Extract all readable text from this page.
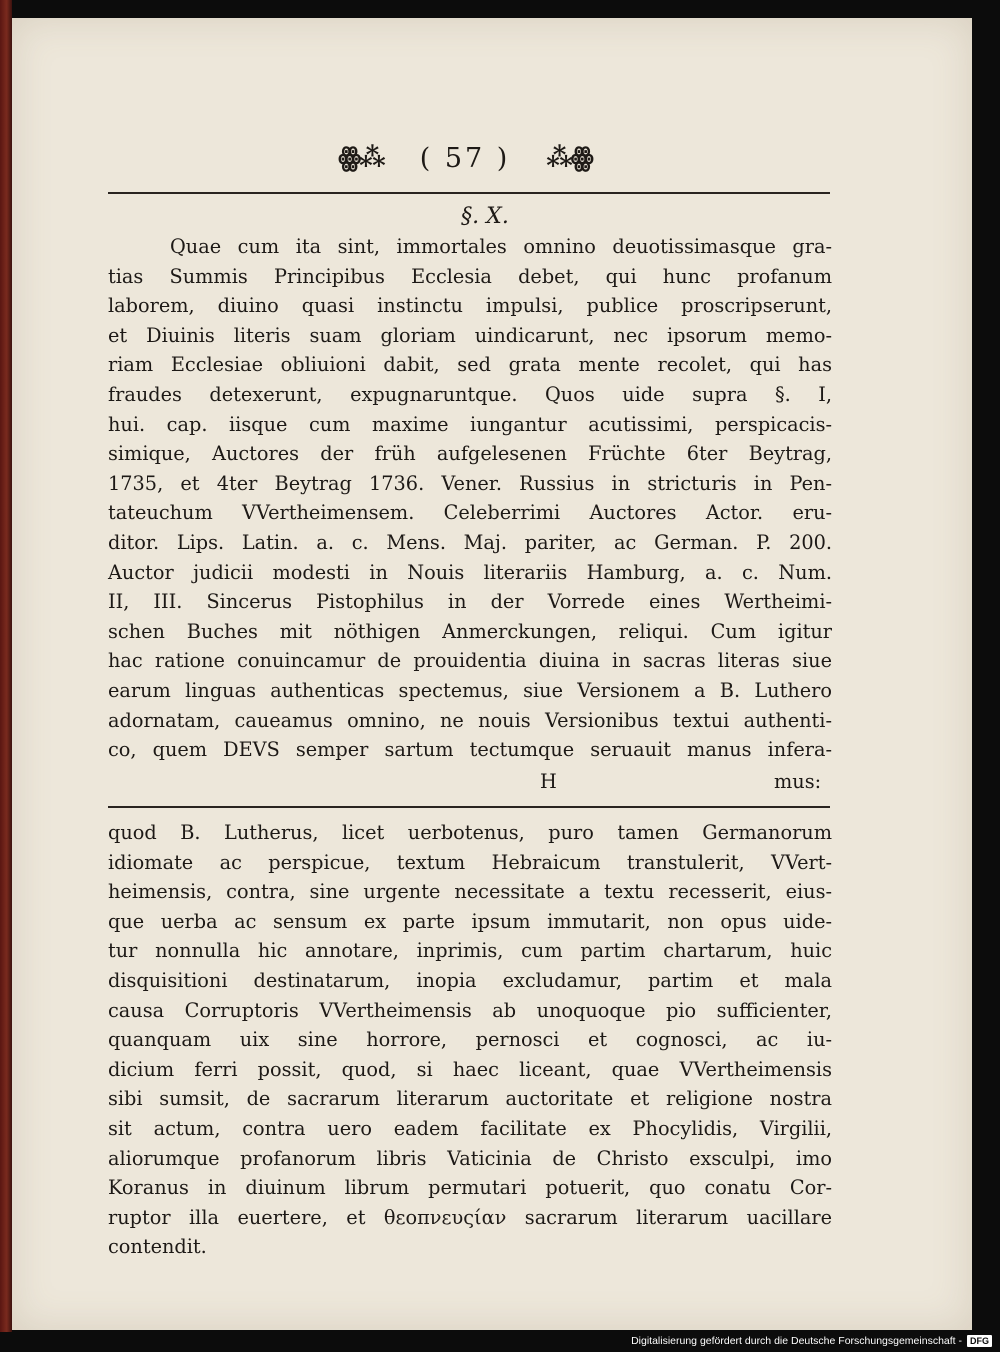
ꙮ⁂ ( 57 ) ⁂ꙮ
§. X.
Quae cum ita sint, immortales omnino deuotissimasque gra-
tias Summis Principibus Ecclesia debet, qui hunc profanum
laborem, diuino quasi instinctu impulsi, publice proscripserunt,
et Diuinis literis suam gloriam uindicarunt, nec ipsorum memo-
riam Ecclesiae obliuioni dabit, sed grata mente recolet, qui has
fraudes detexerunt, expugnaruntque. Quos uide supra §. I,
hui. cap. iisque cum maxime iungantur acutissimi, perspicacis-
simique, Auctores der früh aufgelesenen Früchte 6ter Beytrag,
1735, et 4ter Beytrag 1736. Vener. Russius in stricturis in Pen-
tateuchum VVertheimensem. Celeberrimi Auctores Actor. eru-
ditor. Lips. Latin. a. c. Mens. Maj. pariter, ac German. P. 200.
Auctor judicii modesti in Nouis literariis Hamburg, a. c. Num.
II, III. Sincerus Pistophilus in der Vorrede eines Wertheimi-
schen Buches mit nöthigen Anmerckungen, reliqui. Cum igitur
hac ratione conuincamur de prouidentia diuina in sacras literas siue
earum linguas authenticas spectemus, siue Versionem a B. Luthero
adornatam, caueamus omnino, ne nouis Versionibus textui authenti-
co, quem DEVS semper sartum tectumque seruauit manus infera-
H	mus:
quod B. Lutherus, licet uerbotenus, puro tamen Germanorum
idiomate ac perspicue, textum Hebraicum transtulerit, VVert-
heimensis, contra, sine urgente necessitate a textu recesserit, eius-
que uerba ac sensum ex parte ipsum immutarit, non opus uide-
tur nonnulla hic annotare, inprimis, cum partim chartarum, huic
disquisitioni destinatarum, inopia excludamur, partim et mala
causa Corruptoris VVertheimensis ab unoquoque pio sufficienter,
quanquam uix sine horrore, pernosci et cognosci, ac iu-
dicium ferri possit, quod, si haec liceant, quae VVertheimensis
sibi sumsit, de sacrarum literarum auctoritate et religione nostra
sit actum, contra uero eadem facilitate ex Phocylidis, Virgilii,
aliorumque profanorum libris Vaticinia de Christo exsculpi, imo
Koranus in diuinum librum permutari potuerit, quo conatu Cor-
ruptor illa euertere, et θεοπνευςίαν sacrarum literarum uacillare
contendit.
Digitalisierung gefördert durch die Deutsche Forschungsgemeinschaft - DFG
